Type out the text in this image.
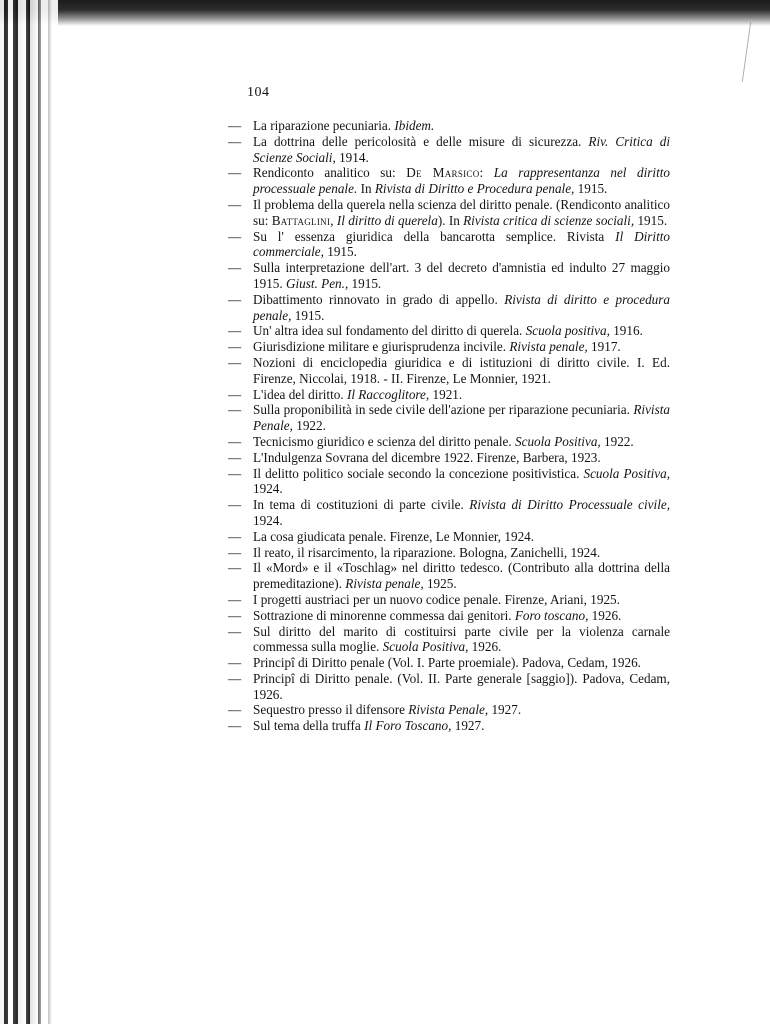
104
— La riparazione pecuniaria. Ibidem.
— La dottrina delle pericolosità e delle misure di sicurezza. Riv. Critica di Scienze Sociali, 1914.
— Rendiconto analitico su: De Marsico: La rappresentanza nel diritto processuale penale. In Rivista di Diritto e Procedura penale, 1915.
— Il problema della querela nella scienza del diritto penale. (Rendiconto analitico su: Battaglini, Il diritto di querela). In Rivista critica di scienze sociali, 1915.
— Su l' essenza giuridica della bancarotta semplice. Rivista Il Diritto commerciale, 1915.
— Sulla interpretazione dell'art. 3 del decreto d'amnistia ed indulto 27 maggio 1915. Giust. Pen., 1915.
— Dibattimento rinnovato in grado di appello. Rivista di diritto e procedura penale, 1915.
— Un' altra idea sul fondamento del diritto di querela. Scuola positiva, 1916.
— Giurisdizione militare e giurisprudenza incivile. Rivista penale, 1917.
— Nozioni di enciclopedia giuridica e di istituzioni di diritto civile. I. Ed. Firenze, Niccolai, 1918. - II. Firenze, Le Monnier, 1921.
— L'idea del diritto. Il Raccoglitore, 1921.
— Sulla proponibilità in sede civile dell'azione per riparazione pecuniaria. Rivista Penale, 1922.
— Tecnicismo giuridico e scienza del diritto penale. Scuola Positiva, 1922.
— L'Indulgenza Sovrana del dicembre 1922. Firenze, Barbera, 1923.
— Il delitto politico sociale secondo la concezione positivistica. Scuola Positiva, 1924.
— In tema di costituzioni di parte civile. Rivista di Diritto Processuale civile, 1924.
— La cosa giudicata penale. Firenze, Le Monnier, 1924.
— Il reato, il risarcimento, la riparazione. Bologna, Zanichelli, 1924.
— Il «Mord» e il «Toschlag» nel diritto tedesco. (Contributo alla dottrina della premeditazione). Rivista penale, 1925.
— I progetti austriaci per un nuovo codice penale. Firenze, Ariani, 1925.
— Sottrazione di minorenne commessa dai genitori. Foro toscano, 1926.
— Sul diritto del marito di costituirsi parte civile per la violenza carnale commessa sulla moglie. Scuola Positiva, 1926.
— Principî di Diritto penale (Vol. I. Parte proemiale). Padova, Cedam, 1926.
— Principî di Diritto penale. (Vol. II. Parte generale [saggio]). Padova, Cedam, 1926.
— Sequestro presso il difensore Rivista Penale, 1927.
— Sul tema della truffa Il Foro Toscano, 1927.
